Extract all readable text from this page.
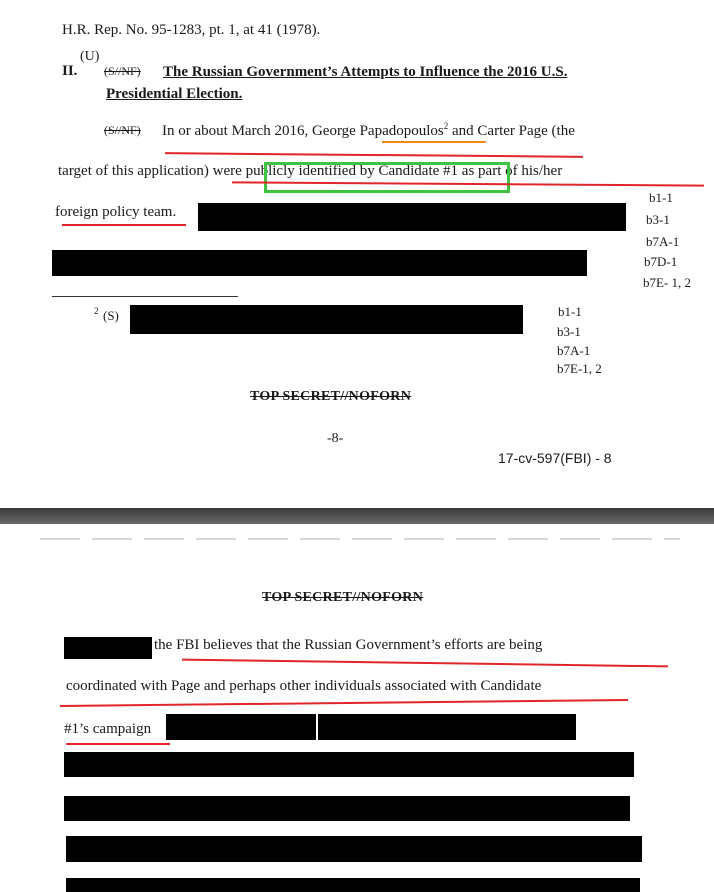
H.R. Rep. No. 95-1283, pt. 1, at 41 (1978).
II.
(U)
(S//NF) The Russian Government’s Attempts to Influence the 2016 U.S.
Presidential Election.
(S//NF) In or about March 2016, George Papadopoulos$^2$ and Carter Page (the
target of this application) were publicly identified by Candidate #1 as part of his/her
foreign policy team.
b1-1
b3-1
b7A-1
b7D-1
b7E- 1, 2
2 (S)	b1-1
b3-1
b7A-1
b7E-1, 2
TOP SECRET//NOFORN
-8-
17-cv-597(FBI) - 8
TOP SECRET//NOFORN
the FBI believes that the Russian Government’s efforts are being
coordinated with Page and perhaps other individuals associated with Candidate
#1’s campaign
